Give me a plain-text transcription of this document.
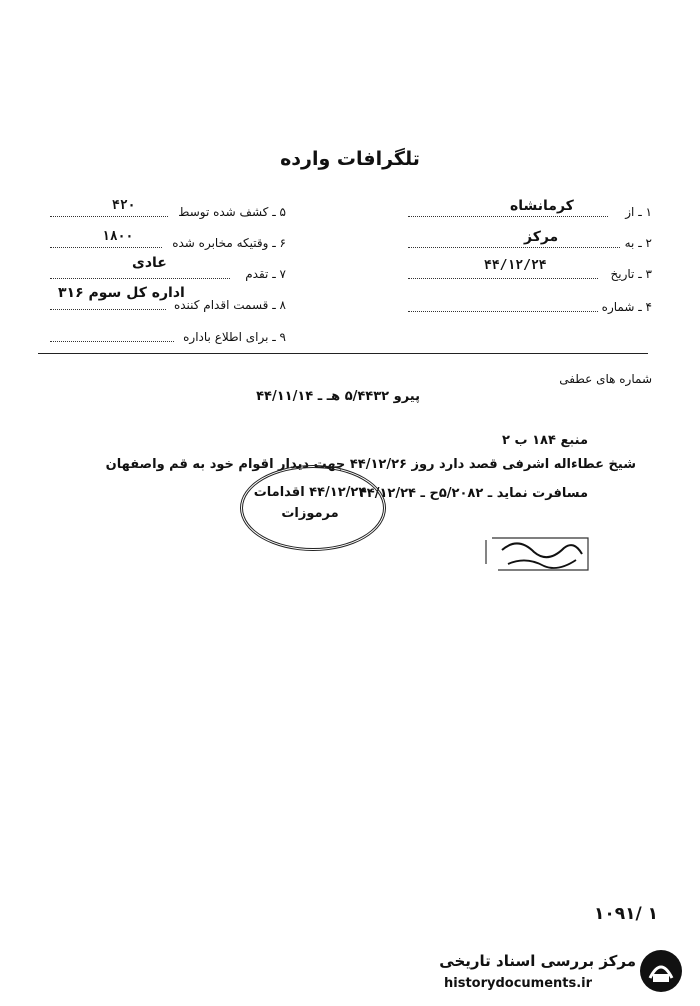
تلگرافات وارده
۱ ـ از
کرمانشاه
۲ ـ به
مرکز
۳ ـ تاریخ
۴۴/۱۲/۲۴
۴ ـ شماره
۵ ـ کشف شده توسط
۴۲۰
۶ ـ وقتیکه مخابره شده
۱۸۰۰
۷ ـ تقدم
عادی
۸ ـ قسمت اقدام کننده
اداره کل سوم ۳۱۶
۹ ـ برای اطلاع باداره
شماره های عطفی
پیرو ۵/۴۴۳۲ هـ ـ ۴۴/۱۱/۱۴
منبع ۱۸۴ ب ۲
شیخ عطاءاله اشرفی قصد دارد روز ۴۴/۱۲/۲۶ جهت دیدار اقوام خود به قم واصفهان
مسافرت نماید ـ ۵/۲۰۸۲ح ـ ۴۴/۱۲/۲۴
۴۴/۱۲/۲۴ اقدامات
مرموزات
۱۰۹۱/ ۱
مرکز بررسی اسناد تاریخی
historydocuments.ir
